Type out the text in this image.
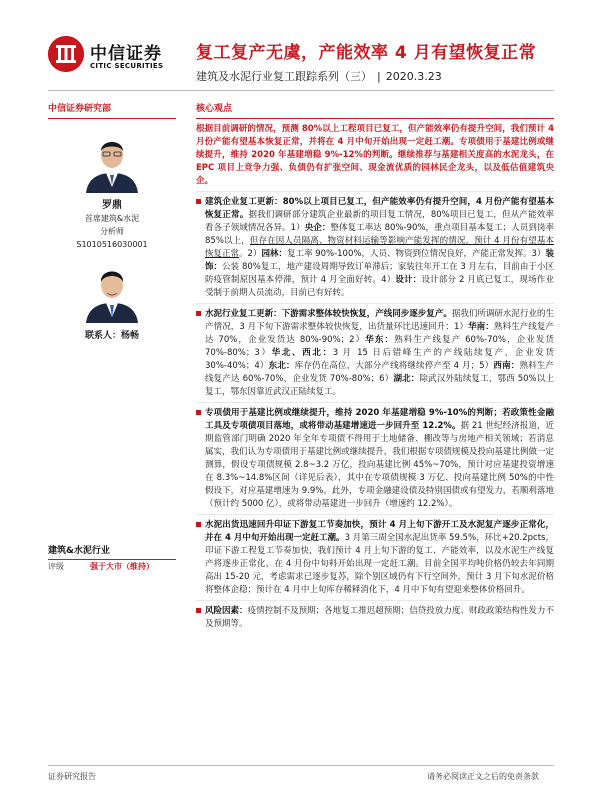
中信证券
CITIC SECURITIES
复工复产无虞，产能效率 4 月有望恢复正常
建筑及水泥行业复工跟踪系列（三） | 2020.3.23
中信证券研究部
罗鼎
首席建筑&水泥
分析师
S1010516030001
联系人：杨畅
建筑&水泥行业
评级	强于大市（维持）
核心观点
根据目前调研的情况，预测 80%以上工程项目已复工，但产能效率仍有提升空间，我们预计 4 月份产能有望基本恢复正常，并将在 4 月中旬开始出现一定赶工潮。专项债用于基建比例或继续提升，维持 2020 年基建増稳 9%-12%的判断。继续推荐与基建相关度高的水泥龙头，在 EPC 项目上竞争力强、负债仍有扩张空间、现金流优质的园林民企龙头，以及低估值建筑央企。
建筑企业复工更新：80%以上项目已复工，但产能效率仍有提升空间，4 月份产能有望基本恢复正常。据我们调研部分建筑企业最新的项目复工情况，80%项目已复工，但从产能效率看各子领域情况各异。1）央企：整体复工率达 80%-90%，重点项目基本复工；人员到岗率 85%以上，但存在因人员隔离、物资材料运输等影响产能发挥的情况，预计 4 月份有望基本恢复正常。2）园林：复工率 90%-100%，人员、物资到位情况良好，产能正常发挥。3）装饰：公装 80%复工，地产建设周期导致订单滞后；家装往年开工在 3 月左右，目前由于小区防疫管制原因基本停滞，预计 4 月全面好转。4）设计：设计部分 2 月底已复工，现场作业受制于前期人员流动，目前已有好转。
水泥行业复工更新：下游需求整体较快恢复，产线同步逐步复产。据我们所调研水泥行业的生产情况，3 月下旬下游需求整体较快恢复，出货量环比迅速回升：1）华南：熟料生产线复产达 70%，企业发货达 80%-90%；2）华东：熟料生产线复产 60%-70%，企业发货 70%-80%；3）华北、西北：3 月 15 日后错峰生产的产线陆续复产，企业发货 30%-40%；4）东北：库存仍在高位，大部分产线将继续停产至 4 月；5）西南：熟料生产线复产达 60%-70%，企业发货 70%-80%；6）湖北：除武汉外陆续复工，鄂西 50%以上复工，鄂东因靠近武汉正陆续复工。
专项债用于基建比例或继续提升，维持 2020 年基建増稳 9%-10%的判断；若政策性金融工具及专项债项目落地，或将带动基建增速进一步回升至 12.2%。据 21 世纪经济报道，近期监管部门明确 2020 年全年专项债不得用于土地储备、棚改等与房地产相关领域；若消息属实，我们认为专项债用于基建比例或继续提升，我们根据专项债规模及投向基建比例做一定测算，假设专项债规模 2.8~3.2 万亿，投向基建比例 45%~70%，预计对应基建投资增速在 8.3%~14.8%区间（详见后表），其中在专项债规模 3 万亿、投向基建比例 50%的中性假设下，对应基建增速为 9.9%。此外，专项金融建设债及特别国债或有望发力，若顺利落地（预计约 5000 亿），或将带动基建进一步回升（增速约 12.2%）。
水泥出货迅速回升印证下游复工节奏加快，预计 4 月上旬下游开工及水泥复产逐步正常化，并在 4 月中旬开始出现一定赶工潮。3 月第三周全国水泥出货率 59.5%，环比+20.2pcts，印证下游工程复工节奏加快，我们预计 4 月上旬下游的复工、产能效率，以及水泥生产线复产将逐步正常化，在 4 月份中旬料开始出现一定赶工潮。目前全国平均吨价格仍较去年同期高出 15-20 元，考虑需求已逐步复苏，除个别区域仍有下行空间外，预计 3 月下旬水泥价格将整体企稳；预计在 4 月中上旬库存稀释消化下，4 月中下旬有望迎来整体价格回升。
风险因素：疫情控制不及预期；各地复工推迟超预期；信贷投放力度、财政政策结构性发力不及预期等。
证券研究报告	请务必阅读正文之后的免责条款
